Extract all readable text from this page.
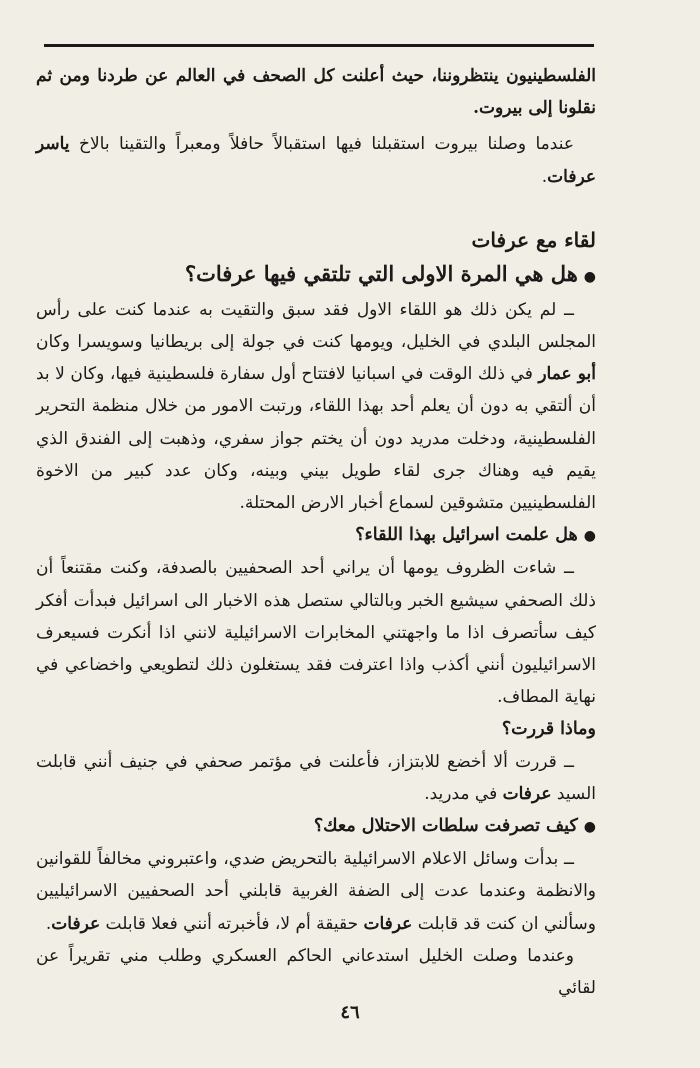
الفلسطينيون ينتظروننا، حيث أعلنت كل الصحف في العالم عن طردنا ومن ثم نقلونا إلى بيروت.

عندما وصلنا بيروت استقبلنا فيها استقبالاً حافلاً ومعبراً والتقينا بالاخ ياسر عرفات.

لقاء مع عرفات

●هل هي المرة الاولى التي تلتقي فيها عرفات؟

ــ لم يكن ذلك هو اللقاء الاول فقد سبق والتقيت به عندما كنت على رأس المجلس البلدي في الخليل، ويومها كنت في جولة إلى بريطانيا وسويسرا وكان أبو عمار في ذلك الوقت في اسبانيا لافتتاح أول سفارة فلسطينية فيها، وكان لا بد أن ألتقي به دون أن يعلم أحد بهذا اللقاء، ورتبت الامور من خلال منظمة التحرير الفلسطينية، ودخلت مدريد دون أن يختم جواز سفري، وذهبت إلى الفندق الذي يقيم فيه وهناك جرى لقاء طويل بيني وبينه، وكان عدد كبير من الاخوة الفلسطينيين متشوقين لسماع أخبار الارض المحتلة.

●هل علمت اسرائيل بهذا اللقاء؟

ــ شاءت الظروف يومها أن يراني أحد الصحفيين بالصدفة، وكنت مقتنعاً أن ذلك الصحفي سيشيع الخبر وبالتالي ستصل هذه الاخبار الى اسرائيل فبدأت أفكر كيف سأتصرف اذا ما واجهتني المخابرات الاسرائيلية لانني اذا أنكرت فسيعرف الاسرائيليون أنني أكذب واذا اعترفت فقد يستغلون ذلك لتطويعي واخضاعي في نهاية المطاف.

وماذا قررت؟

ــ قررت ألا أخضع للابتزاز، فأعلنت في مؤتمر صحفي في جنيف أنني قابلت السيد عرفات في مدريد.

●كيف تصرفت سلطات الاحتلال معك؟

ــ بدأت وسائل الاعلام الاسرائيلية بالتحريض ضدي، واعتبروني مخالفاً للقوانين والانظمة وعندما عدت إلى الضفة الغربية قابلني أحد الصحفيين الاسرائيليين وسألني ان كنت قد قابلت عرفات حقيقة أم لا، فأخبرته أنني فعلا قابلت عرفات.

وعندما وصلت الخليل استدعاني الحاكم العسكري وطلب مني تقريراً عن لقائي

٤٦
